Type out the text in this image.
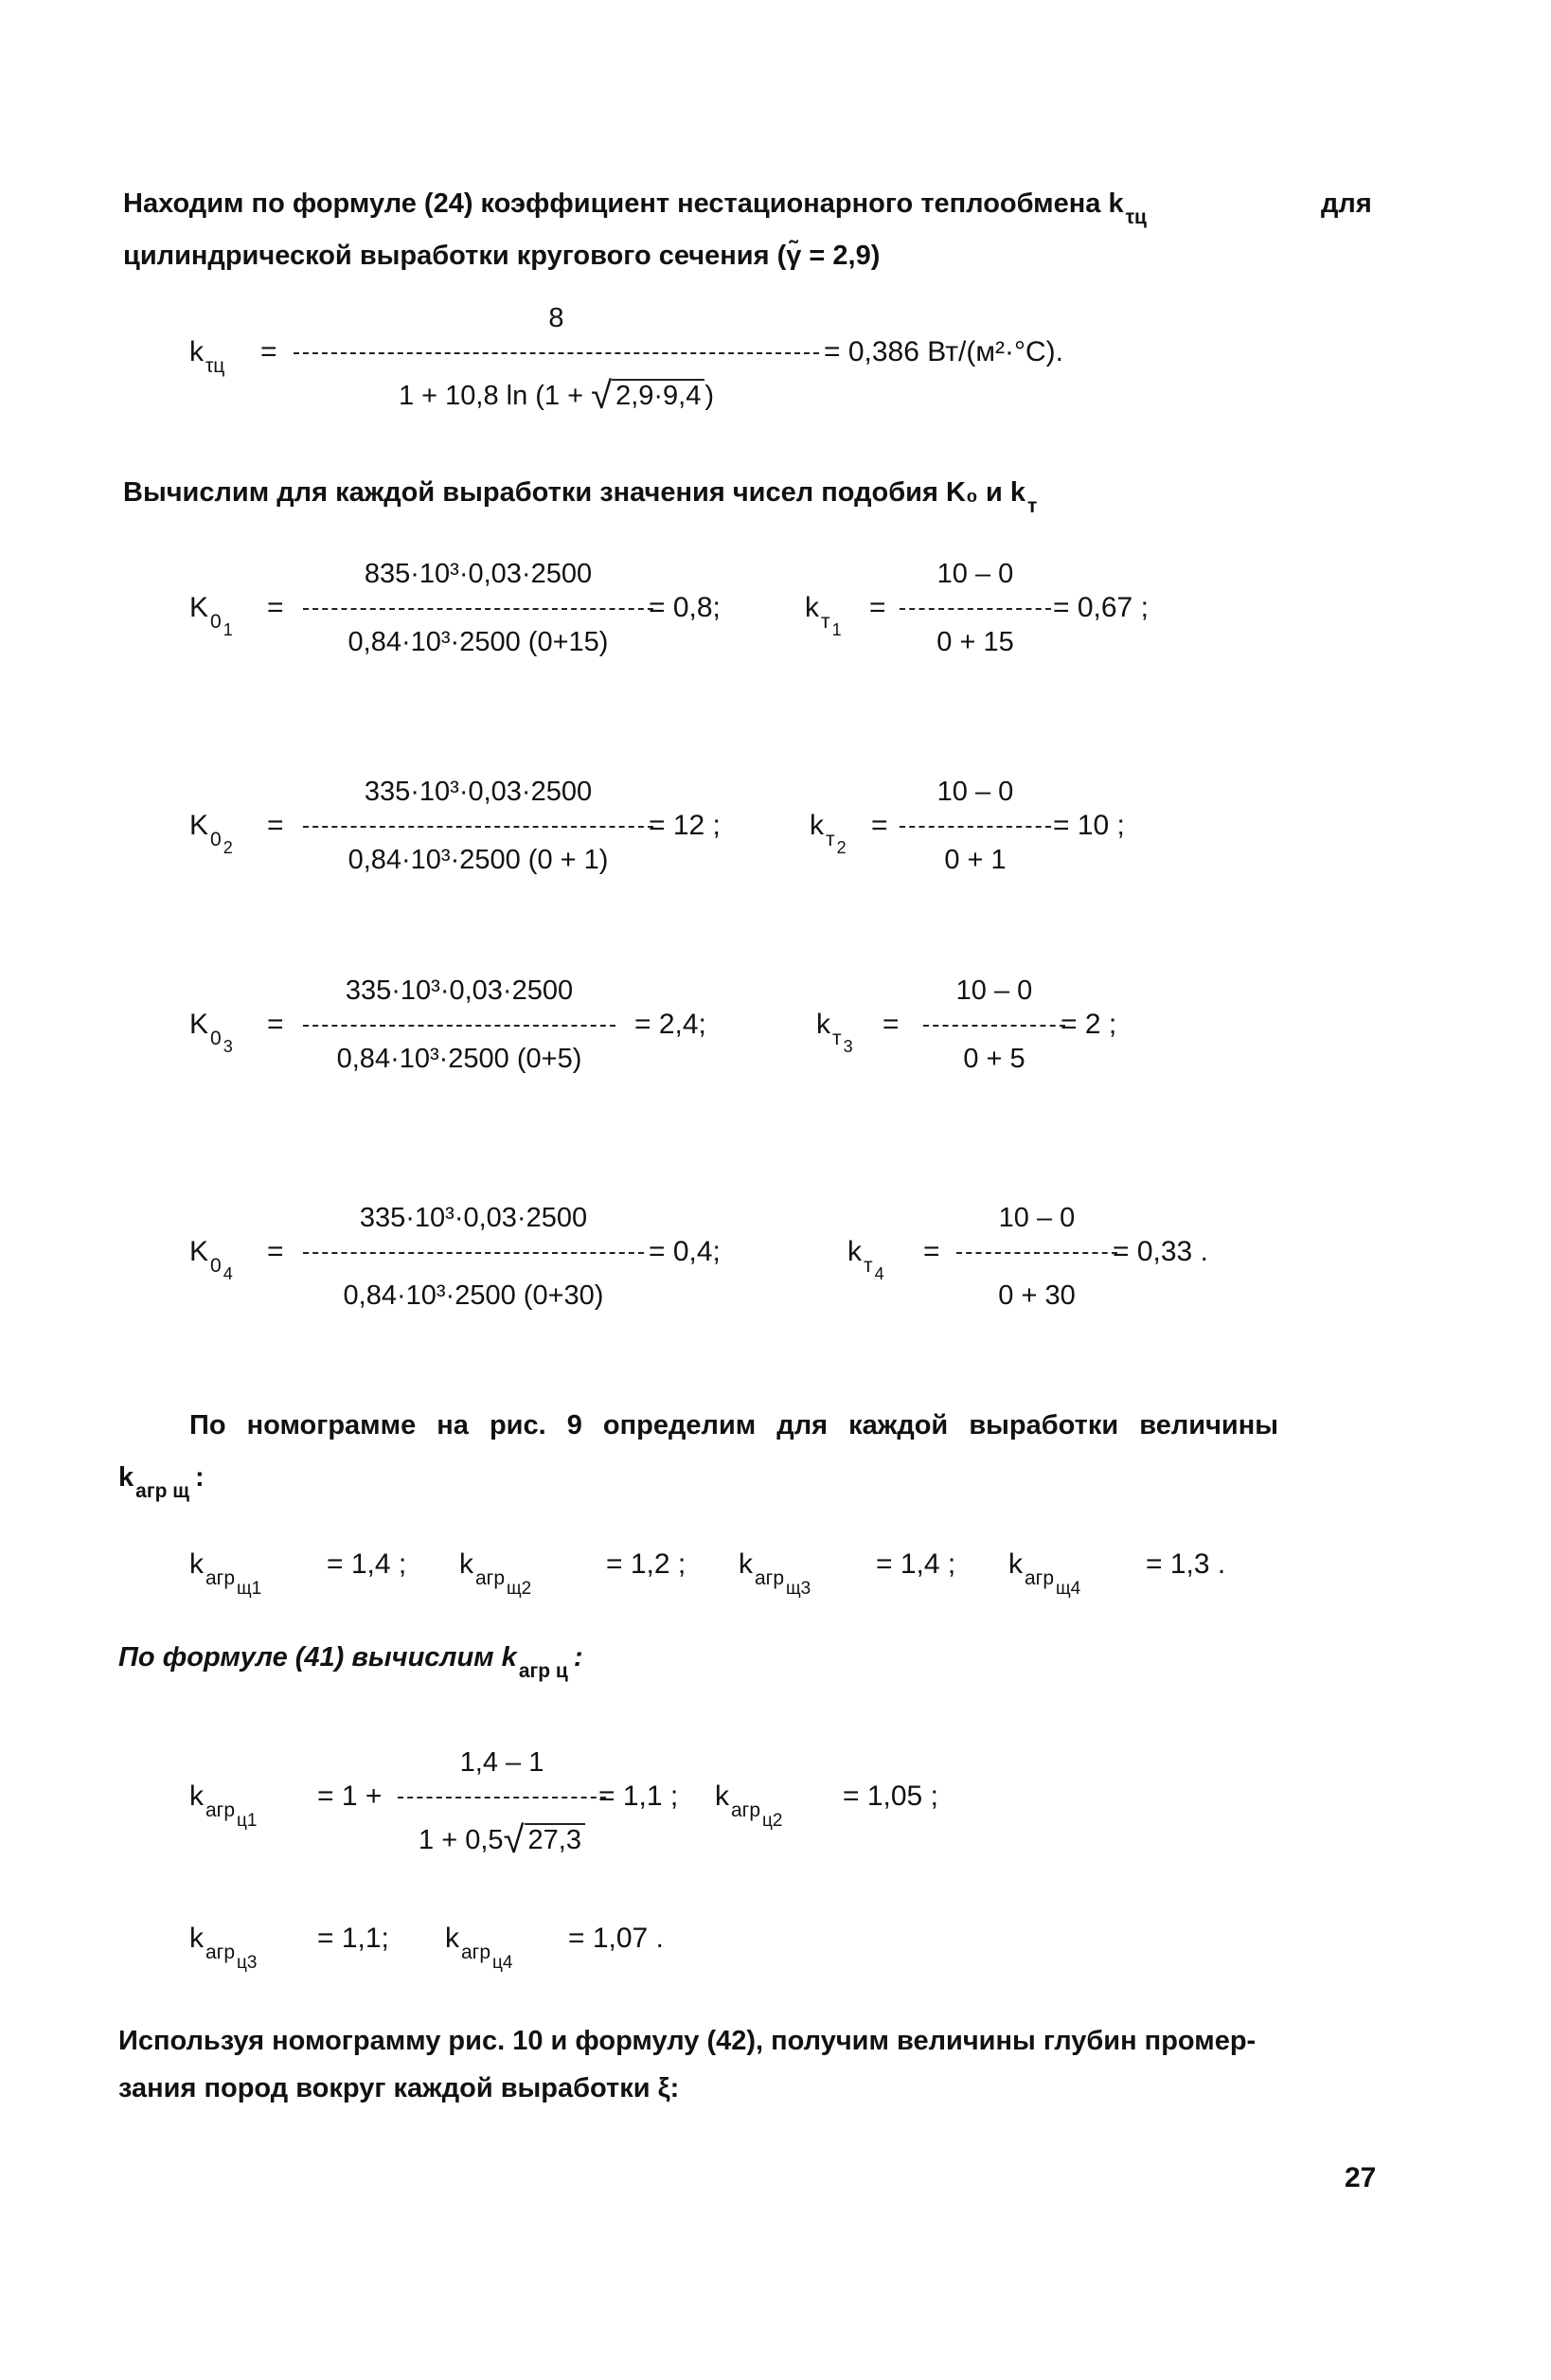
Находим по формуле (24) коэффициент нестационарного теплообмена $k_{\tau ц}$	для
цилиндрической выработки кругового сечения (γ̃ = 2,9)
$k_{\tau ц}$ =
8
1 + 10,8 ln (1 + √ 2,9·9,4 )
= 0,386 Вт/(м²·°С).
Вычислим для каждой выработки значения чисел подобия K₀ и $k_т$
$K_0$ $_1$
=
835·10³·0,03·2500
0,84·10³·2500 (0+15)
= 0,8;	$k_т$ $_1$
=
10 – 0
0 + 15
= 0,67 ;
$K_0$ $_2$
=
335·10³·0,03·2500
0,84·10³·2500 (0 + 1)
= 12 ;	$k_т$ $_2$
=
10 – 0
0 + 1
= 10 ;
$K_0$ $_3$
=
335·10³·0,03·2500
0,84·10³·2500 (0+5)
= 2,4;	$k_т$ $_3$
=
10 – 0
0 + 5
= 2 ;
$K_0$ $_4$
=
335·10³·0,03·2500
0,84·10³·2500 (0+30)
= 0,4;	$k_т$ $_4$
=
10 – 0
0 + 30
= 0,33 .
По номограмме на рис. 9 определим для каждой выработки величины
$k_{агр щ}$ :
$k_{агр}$ $_{щ1}$
= 1,4 ; $k_{агр}$ $_{щ2}$
= 1,2 ; $k_{агр}$ $_{щ3}$
= 1,4 ; $k_{агр}$ $_{щ4}$
= 1,3 .
По формуле (41) вычислим $k_{агр ц}$ :
$k_{агр}$ $_{ц1}$
= 1 +
1,4 – 1
1 + 0,5√ 27,3
= 1,1 ; $k_{агр}$ $_{ц2}$
= 1,05 ;
$k_{агр}$ $_{ц3}$
= 1,1; $k_{агр}$ $_{ц4}$
= 1,07 .
Используя номограмму рис. 10 и формулу (42), получим величины глубин промер-
зания пород вокруг каждой выработки ξ:
27
